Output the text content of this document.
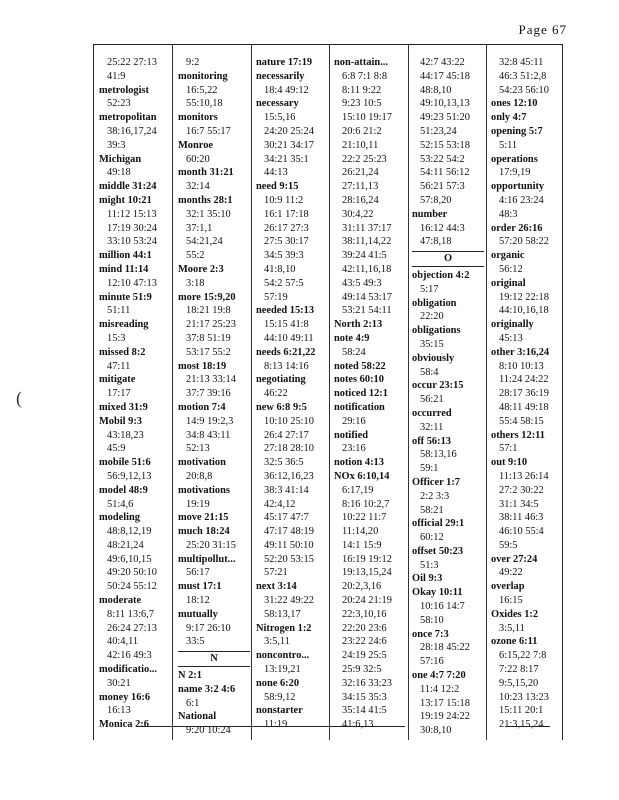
Page 67
25:22 27:13
41:9
metrologist
52:23
metropolitan
38:16,17,24
39:3
Michigan
49:18
middle 31:24
might 10:21
11:12 15:13
17:19 30:24
33:10 53:24
million 44:1
mind 11:14
12:10 47:13
minute 51:9
51:11
misreading
15:3
missed 8:2
47:11
mitigate
17:17
mixed 31:9
Mobil 9:3
43:18,23
45:9
mobile 51:6
56:9,12,13
model 48:9
51:4,6
modeling
48:8,12,19
48:21,24
49:6,10,15
49:20 50:10
50:24 55:12
moderate
8:11 13:6,7
26:24 27:13
40:4,11
42:16 49:3
modificatio...
30:21
money 16:6
16:13
Monica 2:6
9:2
monitoring
16:5,22
55:10,18
monitors
16:7 55:17
Monroe
60:20
month 31:21
32:14
months 28:1
32:1 35:10
37:1,1
54:21,24
55:2
Moore 2:3
3:18
more 15:9,20
18:21 19:8
21:17 25:23
37:8 51:19
53:17 55:2
most 18:19
21:13 33:14
37:7 39:16
motion 7:4
14:9 19:2,3
34:8 43:11
52:13
motivation
20:8,8
motivations
19:19
move 21:15
much 18:24
25:20 31:15
multipollut...
56:17
must 17:1
18:12
mutually
9:17 26:10
33:5
N
N 2:1
name 3:2 4:6
6:1
National
9:20 10:24
nature 17:19
necessarily
18:4 49:12
necessary
15:5,16
24:20 25:24
30:21 34:17
34:21 35:1
44:13
need 9:15
10:9 11:2
16:1 17:18
26:17 27:3
27:5 30:17
34:5 39:3
41:8,10
54:2 57:5
57:19
needed 15:13
15:15 41:8
44:10 49:11
needs 6:21,22
8:13 14:16
negotiating
46:22
new 6:8 9:5
10:10 25:10
26:4 27:17
27:18 28:10
32:5 36:5
36:12,16,23
38:3 41:14
42:4,12
45:17 47:7
47:17 48:19
49:11 50:10
52:20 53:15
57:21
next 3:14
31:22 49:22
58:13,17
Nitrogen 1:2
3:5,11
noncontro...
13:19,21
none 6:20
58:9,12
nonstarter
11:19
non-attain...
6:8 7:1 8:8
8:11 9:22
9:23 10:5
15:10 19:17
20:6 21:2
21:10,11
22:2 25:23
26:21,24
27:11,13
28:16,24
30:4,22
31:11 37:17
38:11,14,22
39:24 41:5
42:11,16,18
43:5 49:3
49:14 53:17
53:21 54:11
North 2:13
note 4:9
58:24
noted 58:22
notes 60:10
noticed 12:1
notification
29:16
notified
23:16
notion 4:13
NOx 6:10,14
6:17,19
8:16 10:2,7
10:22 11:7
11:14,20
14:1 15:9
16:19 19:12
19:13,15,24
20:2,3,16
20:24 21:19
22:3,10,16
22:20 23:6
23:22 24:6
24:19 25:5
25:9 32:5
32:16 33:23
34:15 35:3
35:14 41:5
41:6,13
42:7 43:22
44:17 45:18
48:8,10
49:10,13,13
49:23 51:20
51:23,24
52:15 53:18
53:22 54:2
54:11 56:12
56:21 57:3
57:8,20
number
16:12 44:3
47:8,18
O
objection 4:2
5:17
obligation
22:20
obligations
35:15
obviously
58:4
occur 23:15
56:21
occurred
32:11
off 56:13
58:13,16
59:1
Officer 1:7
2:2 3:3
58:21
official 29:1
60:12
offset 50:23
51:3
Oil 9:3
Okay 10:11
10:16 14:7
58:10
once 7:3
28:18 45:22
57:16
one 4:7 7:20
11:4 12:2
13:17 15:18
19:19 24:22
30:8,10
32:8 45:11
46:3 51:2,8
54:23 56:10
ones 12:10
only 4:7
opening 5:7
5:11
operations
17:9,19
opportunity
4:16 23:24
48:3
order 26:16
57:20 58:22
organic
56:12
original
19:12 22:18
44:10,16,18
originally
45:13
other 3:16,24
8:10 10:13
11:24 24:22
28:17 36:19
48:11 49:18
55:4 58:15
others 12:11
57:1
out 9:10
11:13 26:14
27:2 30:22
31:1 34:5
38:11 46:3
46:10 55:4
59:5
over 27:24
49:22
overlap
16:15
Oxides 1:2
3:5,11
ozone 6:11
6:15,22 7:8
7:22 8:17
9:5,15,20
10:23 13:23
15:11 20:1
21:3,15,24
(
